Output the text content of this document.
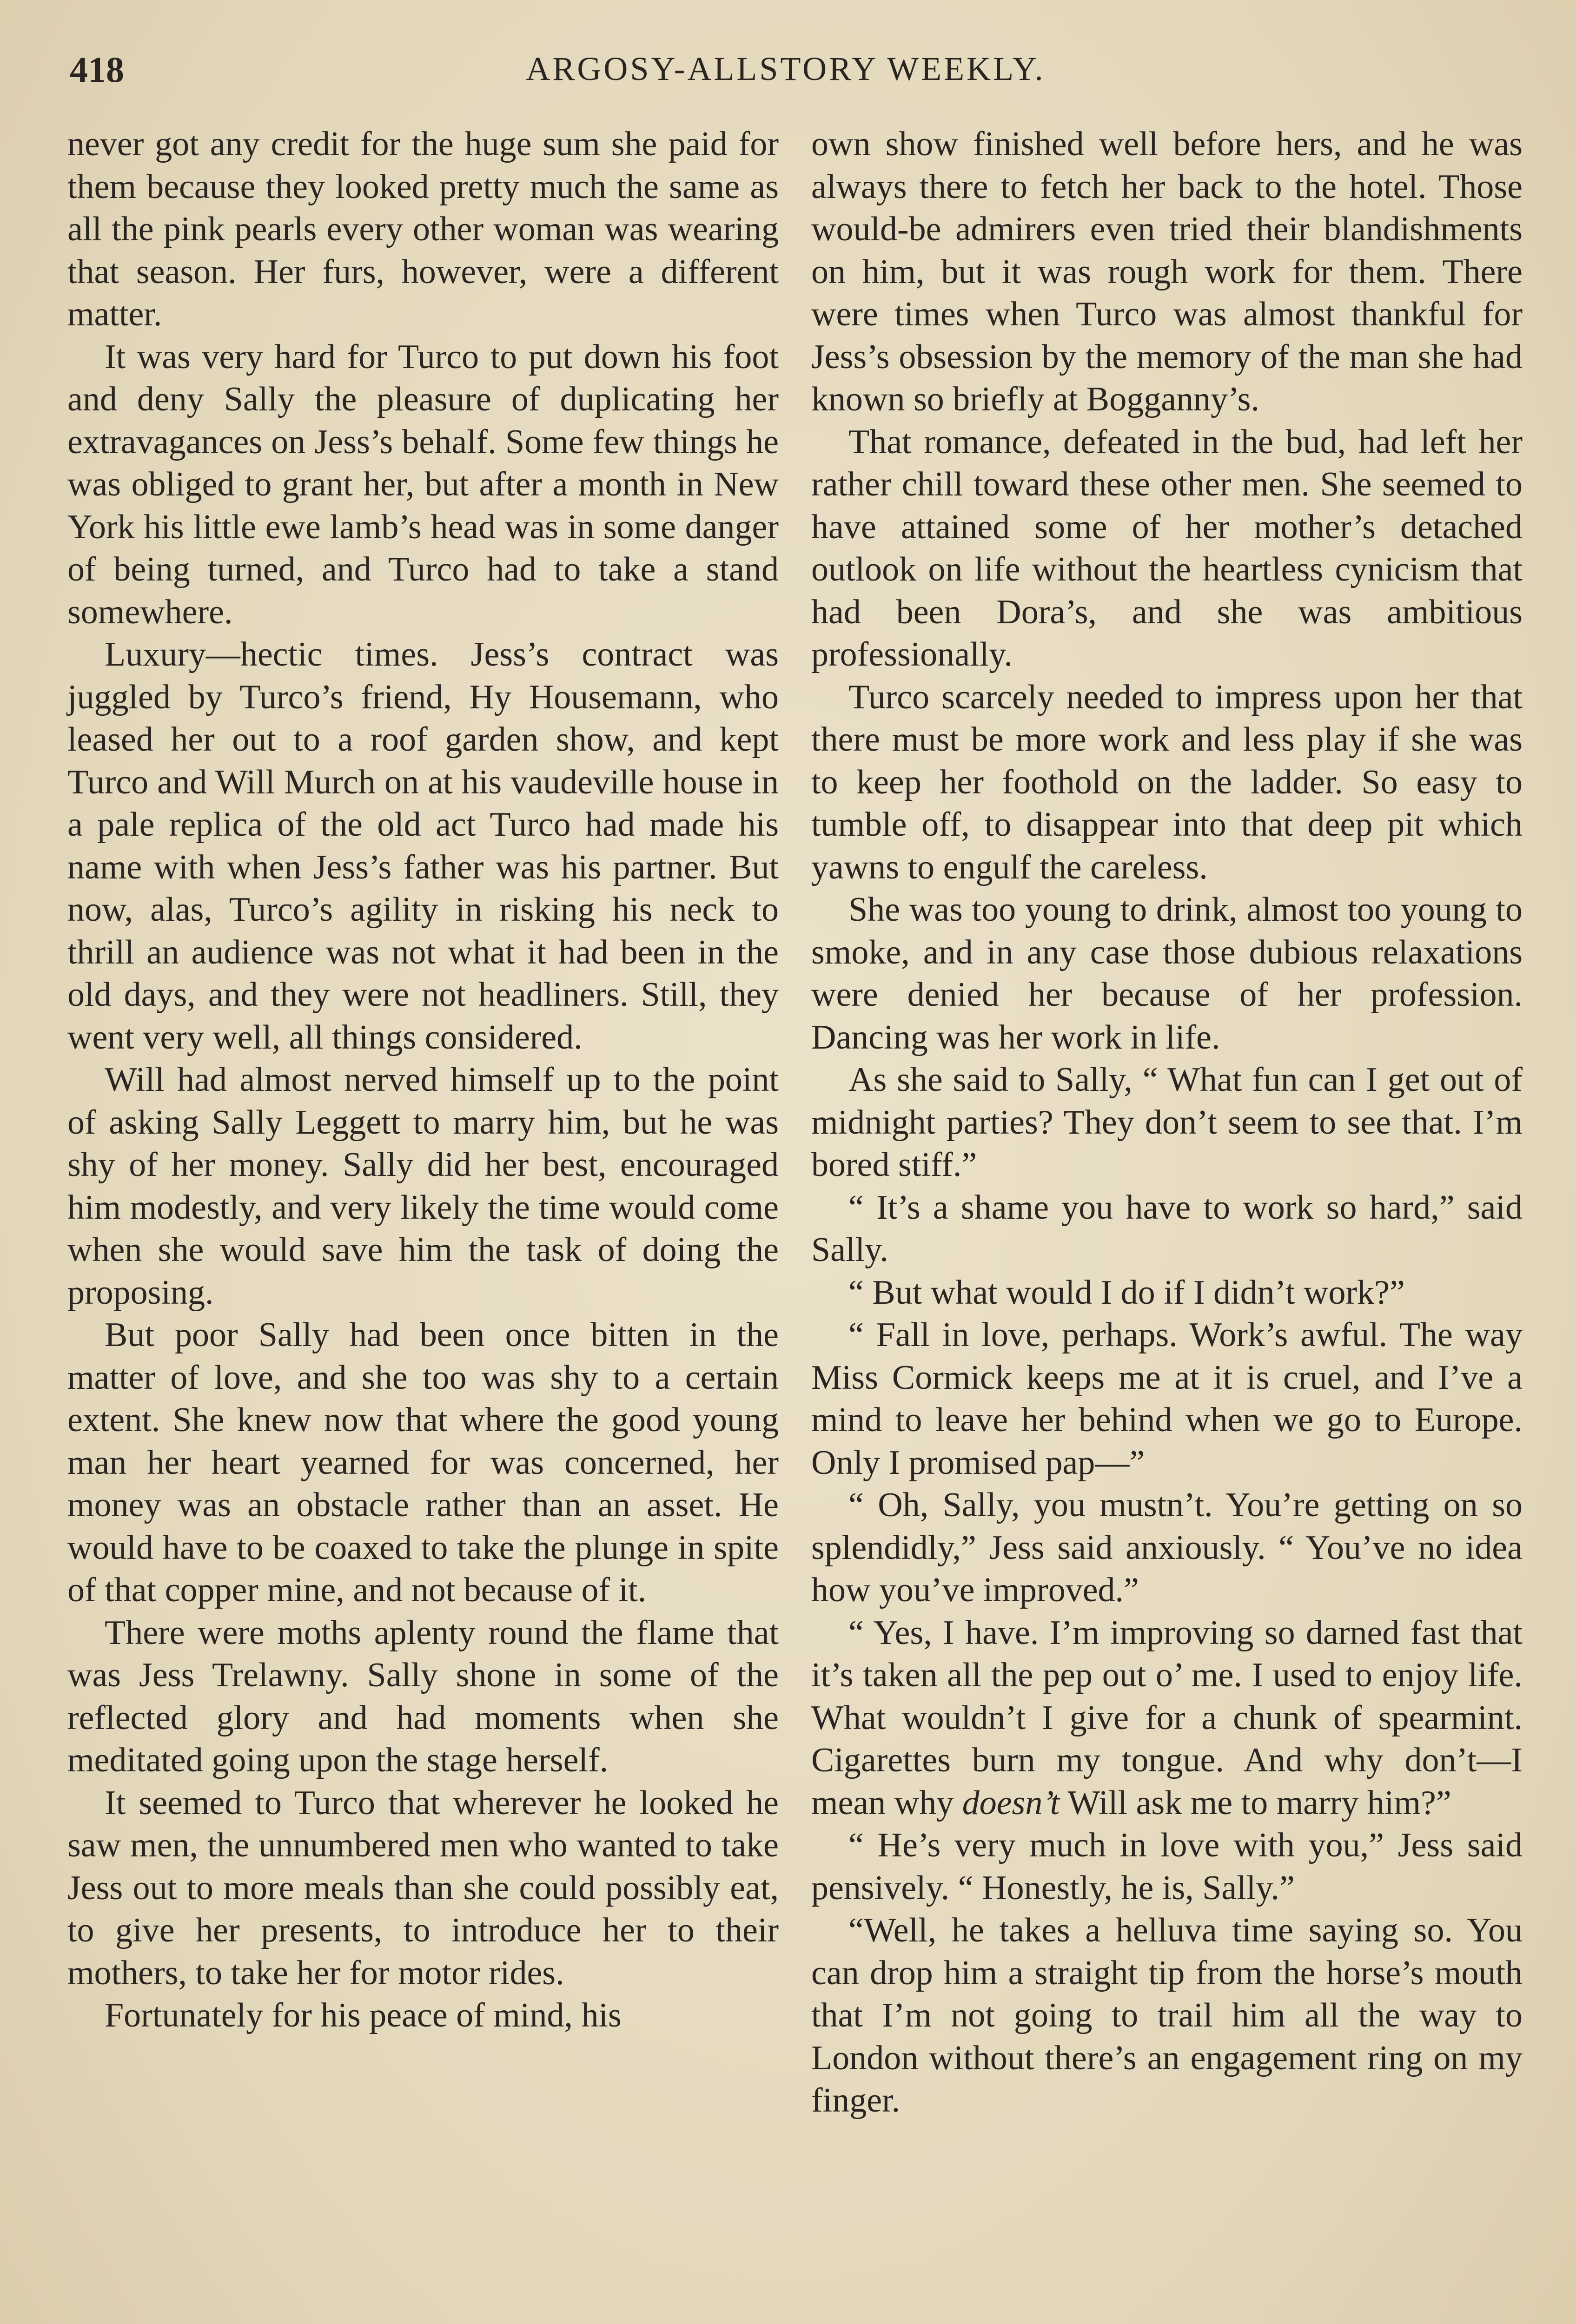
418	ARGOSY-ALLSTORY WEEKLY.

never got any credit for the huge sum she paid for them because they looked pretty much the same as all the pink pearls every other woman was wearing that season. Her furs, however, were a different matter.

It was very hard for Turco to put down his foot and deny Sally the pleasure of duplicating her extravagances on Jess’s behalf. Some few things he was obliged to grant her, but after a month in New York his little ewe lamb’s head was in some danger of being turned, and Turco had to take a stand somewhere.

Luxury—hectic times. Jess’s contract was juggled by Turco’s friend, Hy Housemann, who leased her out to a roof garden show, and kept Turco and Will Murch on at his vaudeville house in a pale replica of the old act Turco had made his name with when Jess’s father was his partner. But now, alas, Turco’s agility in risking his neck to thrill an audience was not what it had been in the old days, and they were not headliners. Still, they went very well, all things considered.

Will had almost nerved himself up to the point of asking Sally Leggett to marry him, but he was shy of her money. Sally did her best, encouraged him modestly, and very likely the time would come when she would save him the task of doing the proposing.

But poor Sally had been once bitten in the matter of love, and she too was shy to a certain extent. She knew now that where the good young man her heart yearned for was concerned, her money was an obstacle rather than an asset. He would have to be coaxed to take the plunge in spite of that copper mine, and not because of it.

There were moths aplenty round the flame that was Jess Trelawny. Sally shone in some of the reflected glory and had moments when she meditated going upon the stage herself.

It seemed to Turco that wherever he looked he saw men, the unnumbered men who wanted to take Jess out to more meals than she could possibly eat, to give her presents, to introduce her to their mothers, to take her for motor rides.

Fortunately for his peace of mind, his

own show finished well before hers, and he was always there to fetch her back to the hotel. Those would-be admirers even tried their blandishments on him, but it was rough work for them. There were times when Turco was almost thankful for Jess’s obsession by the memory of the man she had known so briefly at Bogganny’s.

That romance, defeated in the bud, had left her rather chill toward these other men. She seemed to have attained some of her mother’s detached outlook on life without the heartless cynicism that had been Dora’s, and she was ambitious professionally.

Turco scarcely needed to impress upon her that there must be more work and less play if she was to keep her foothold on the ladder. So easy to tumble off, to disappear into that deep pit which yawns to engulf the careless.

She was too young to drink, almost too young to smoke, and in any case those dubious relaxations were denied her because of her profession. Dancing was her work in life.

As she said to Sally, “ What fun can I get out of midnight parties? They don’t seem to see that. I’m bored stiff.”

“ It’s a shame you have to work so hard,” said Sally.

“ But what would I do if I didn’t work?”

“ Fall in love, perhaps. Work’s awful. The way Miss Cormick keeps me at it is cruel, and I’ve a mind to leave her behind when we go to Europe. Only I promised pap—”

“ Oh, Sally, you mustn’t. You’re getting on so splendidly,” Jess said anxiously. “ You’ve no idea how you’ve improved.”

“ Yes, I have. I’m improving so darned fast that it’s taken all the pep out o’ me. I used to enjoy life. What wouldn’t I give for a chunk of spearmint. Cigarettes burn my tongue. And why don’t—I mean why doesn’t Will ask me to marry him?”

“ He’s very much in love with you,” Jess said pensively. “ Honestly, he is, Sally.”

“Well, he takes a helluva time saying so. You can drop him a straight tip from the horse’s mouth that I’m not going to trail him all the way to London without there’s an engagement ring on my finger.
